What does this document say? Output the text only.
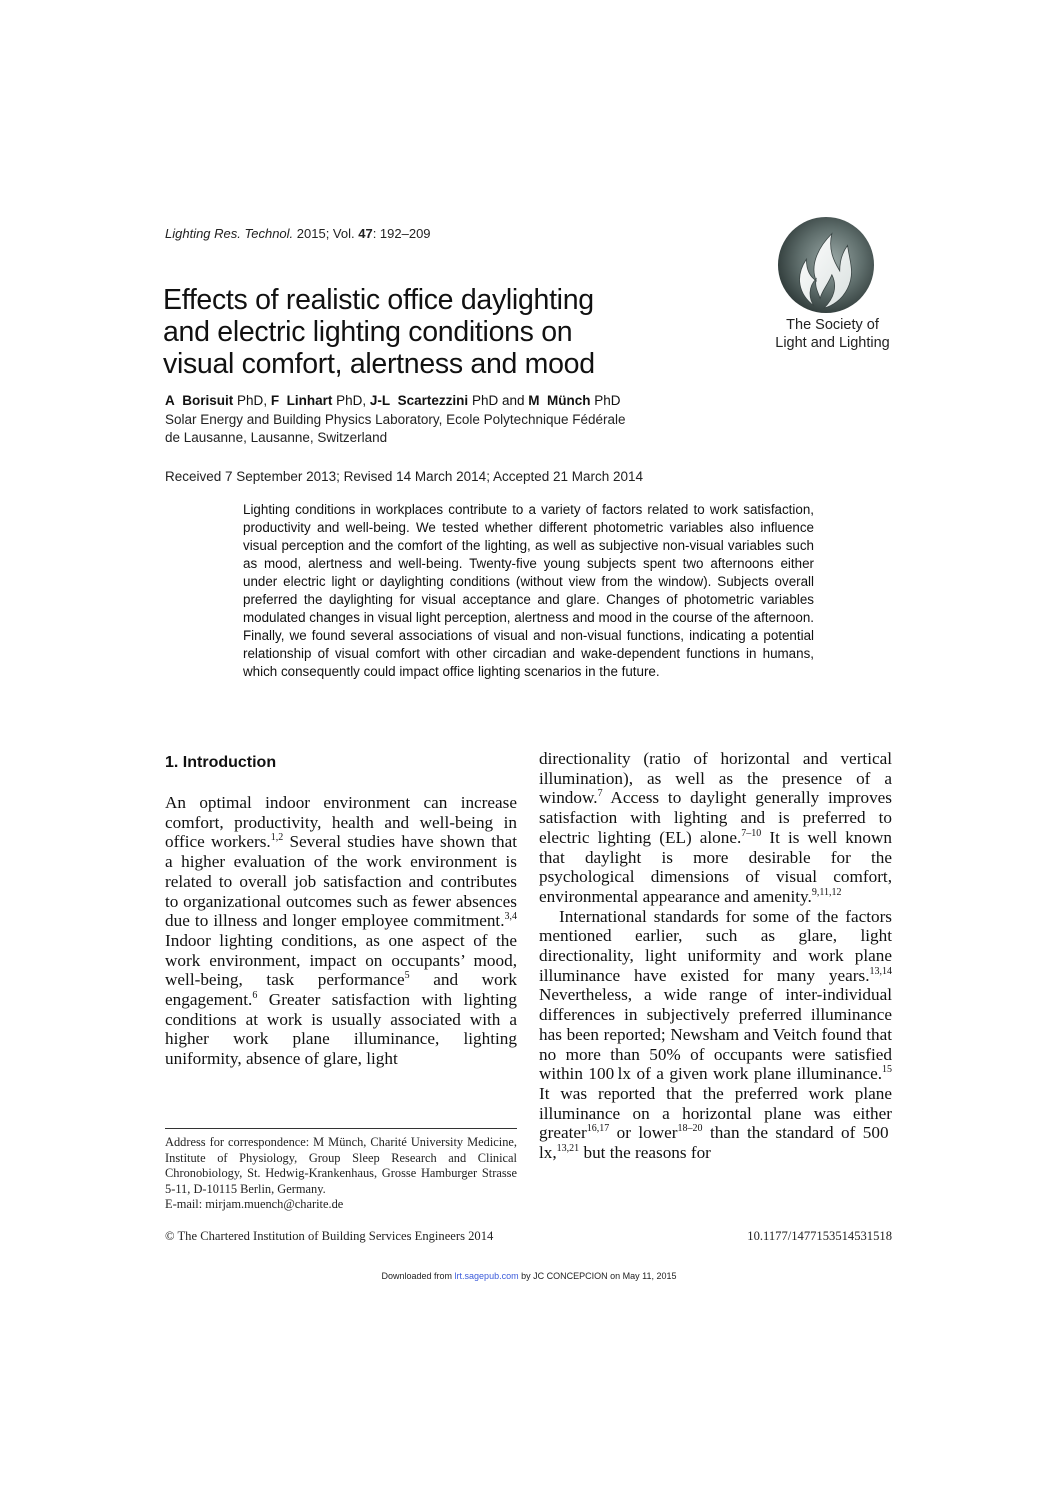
Lighting Res. Technol. 2015; Vol. 47: 192–209
Effects of realistic office daylighting
and electric lighting conditions on
visual comfort, alertness and mood
The Society of
Light and Lighting
A Borisuit PhD, F Linhart PhD, J-L Scartezzini PhD and M Münch PhD
Solar Energy and Building Physics Laboratory, Ecole Polytechnique Fédérale
de Lausanne, Lausanne, Switzerland
Received 7 September 2013; Revised 14 March 2014; Accepted 21 March 2014
Lighting conditions in workplaces contribute to a variety of factors related to work satisfaction, productivity and well-being. We tested whether different photometric variables also influence visual perception and the comfort of the lighting, as well as subjective non-visual variables such as mood, alertness and well-being. Twenty-five young subjects spent two afternoons either under electric light or daylighting conditions (without view from the window). Subjects overall preferred the daylighting for visual acceptance and glare. Changes of photometric variables modulated changes in visual light perception, alertness and mood in the course of the afternoon. Finally, we found several associations of visual and non-visual functions, indicating a potential relationship of visual comfort with other circadian and wake-dependent functions in humans, which consequently could impact office lighting scenarios in the future.
1. Introduction

An optimal indoor environment can increase comfort, productivity, health and well-being in office workers.$^{1,2}$ Several studies have shown that a higher evaluation of the work environment is related to overall job satisfaction and contributes to organizational outcomes such as fewer absences due to illness and longer employee commitment.$^{3,4}$ Indoor lighting conditions, as one aspect of the work environment, impact on occupants’ mood, well-being, task performance$^5$ and work engagement.$^6$ Greater satisfaction with lighting conditions at work is usually associated with a higher work plane illuminance, lighting uniformity, absence of glare, light

directionality (ratio of horizontal and vertical illumination), as well as the presence of a window.$^7$ Access to daylight generally improves satisfaction with lighting and is preferred to electric lighting (EL) alone.$^{7-10}$ It is well known that daylight is more desirable for the psychological dimensions of visual comfort, environmental appearance and amenity.$^{9,11,12}$

International standards for some of the factors mentioned earlier, such as glare, light directionality, light uniformity and work plane illuminance have existed for many years.$^{13,14}$ Nevertheless, a wide range of inter-individual differences in subjectively preferred illuminance has been reported; Newsham and Veitch found that no more than 50% of occupants were satisfied within 100 lx of a given work plane illuminance.$^{15}$ It was reported that the preferred work plane illuminance on a horizontal plane was either greater$^{16,17}$ or lower$^{18-20}$ than the standard of 500 lx,$^{13,21}$ but the reasons for

Address for correspondence: M Münch, Charité University Medicine, Institute of Physiology, Group Sleep Research and Clinical Chronobiology, St. Hedwig-Krankenhaus, Grosse Hamburger Strasse 5-11, D-10115 Berlin, Germany.
E-mail: mirjam.muench@charite.de
© The Chartered Institution of Building Services Engineers 2014	10.1177/1477153514531518
Downloaded from lrt.sagepub.com by JC CONCEPCION on May 11, 2015
